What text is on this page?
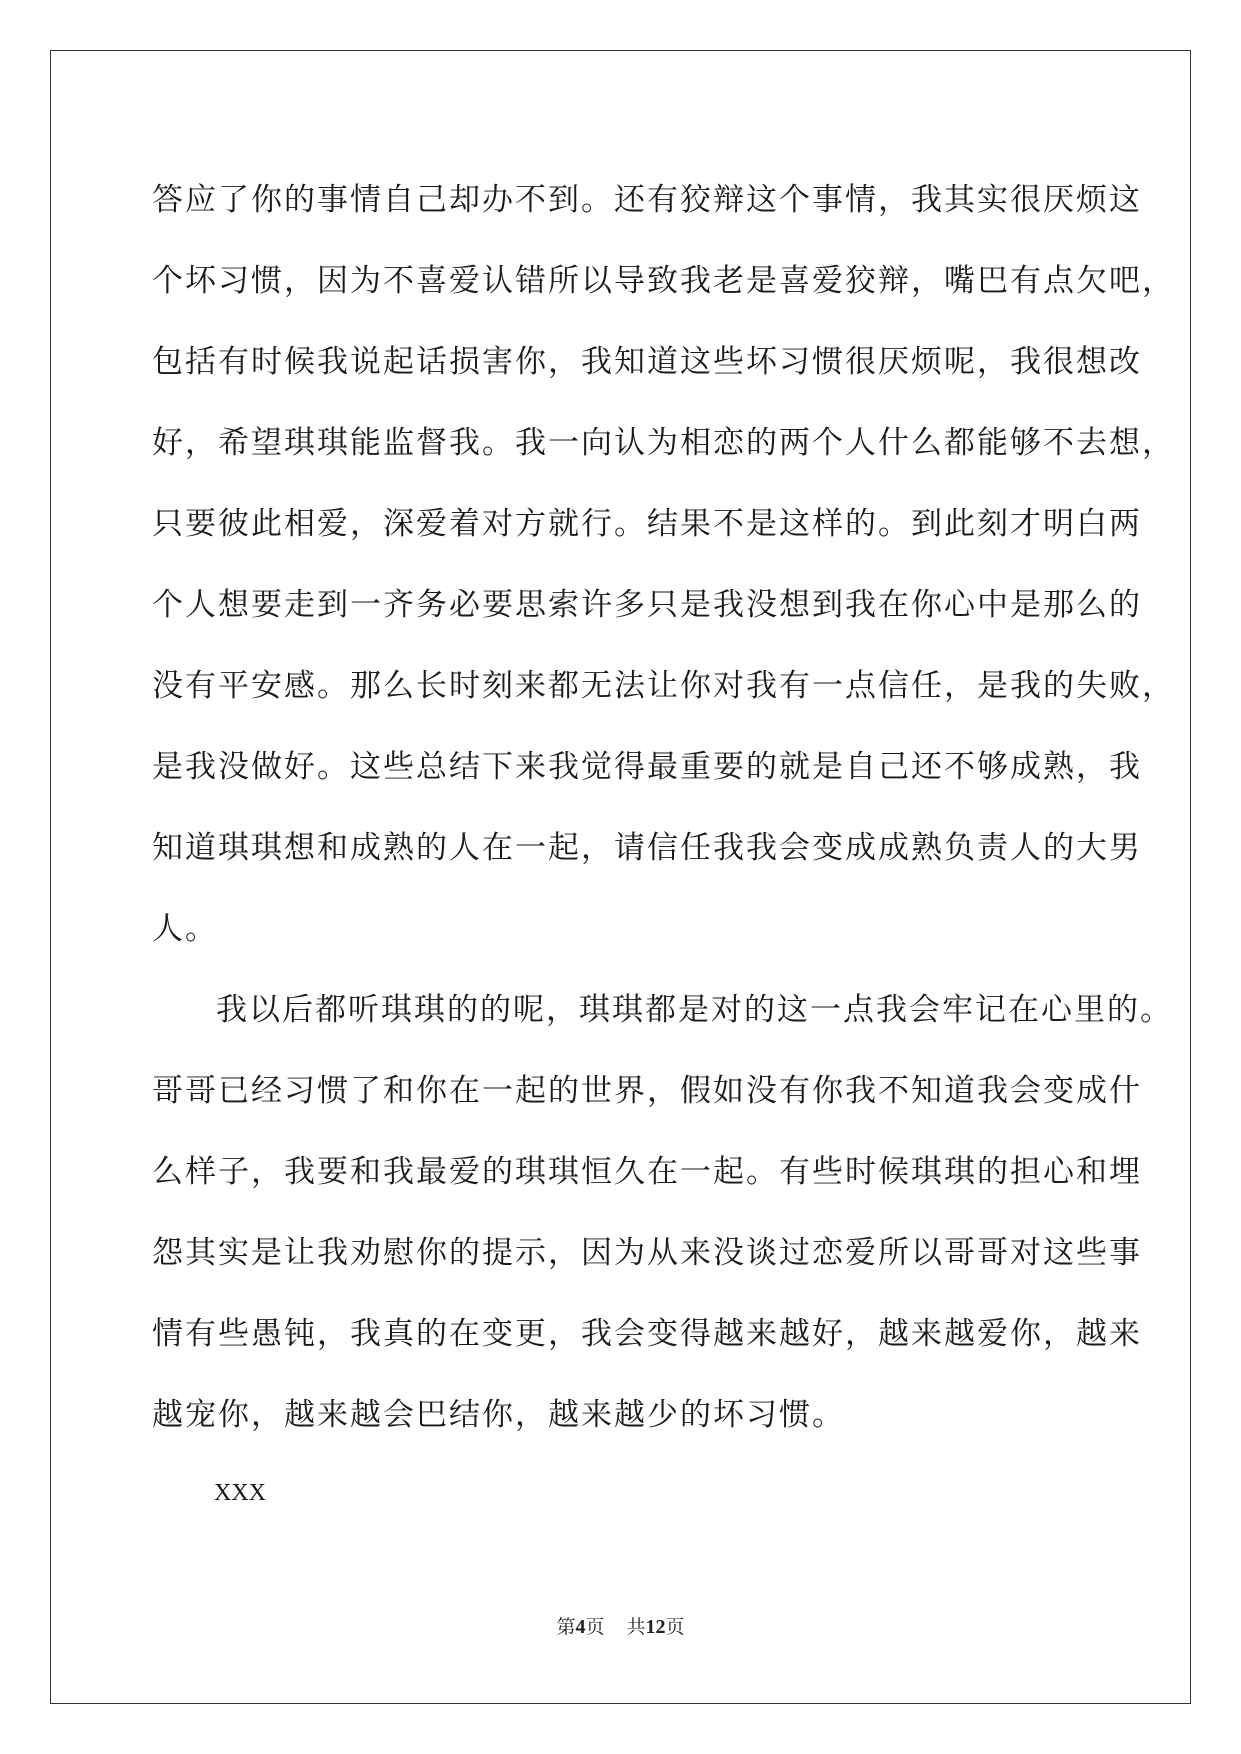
答应了你的事情自己却办不到。还有狡辩这个事情，我其实很厌烦这
个坏习惯，因为不喜爱认错所以导致我老是喜爱狡辩，嘴巴有点欠吧，
包括有时候我说起话损害你，我知道这些坏习惯很厌烦呢，我很想改
好，希望琪琪能监督我。我一向认为相恋的两个人什么都能够不去想，
只要彼此相爱，深爱着对方就行。结果不是这样的。到此刻才明白两
个人想要走到一齐务必要思索许多只是我没想到我在你心中是那么的
没有平安感。那么长时刻来都无法让你对我有一点信任，是我的失败，
是我没做好。这些总结下来我觉得最重要的就是自己还不够成熟，我
知道琪琪想和成熟的人在一起，请信任我我会变成成熟负责人的大男
人。
我以后都听琪琪的的呢，琪琪都是对的这一点我会牢记在心里的。
哥哥已经习惯了和你在一起的世界，假如没有你我不知道我会变成什
么样子，我要和我最爱的琪琪恒久在一起。有些时候琪琪的担心和埋
怨其实是让我劝慰你的提示，因为从来没谈过恋爱所以哥哥对这些事
情有些愚钝，我真的在变更，我会变得越来越好，越来越爱你，越来
越宠你，越来越会巴结你，越来越少的坏习惯。
XXX
第4页 共12页
